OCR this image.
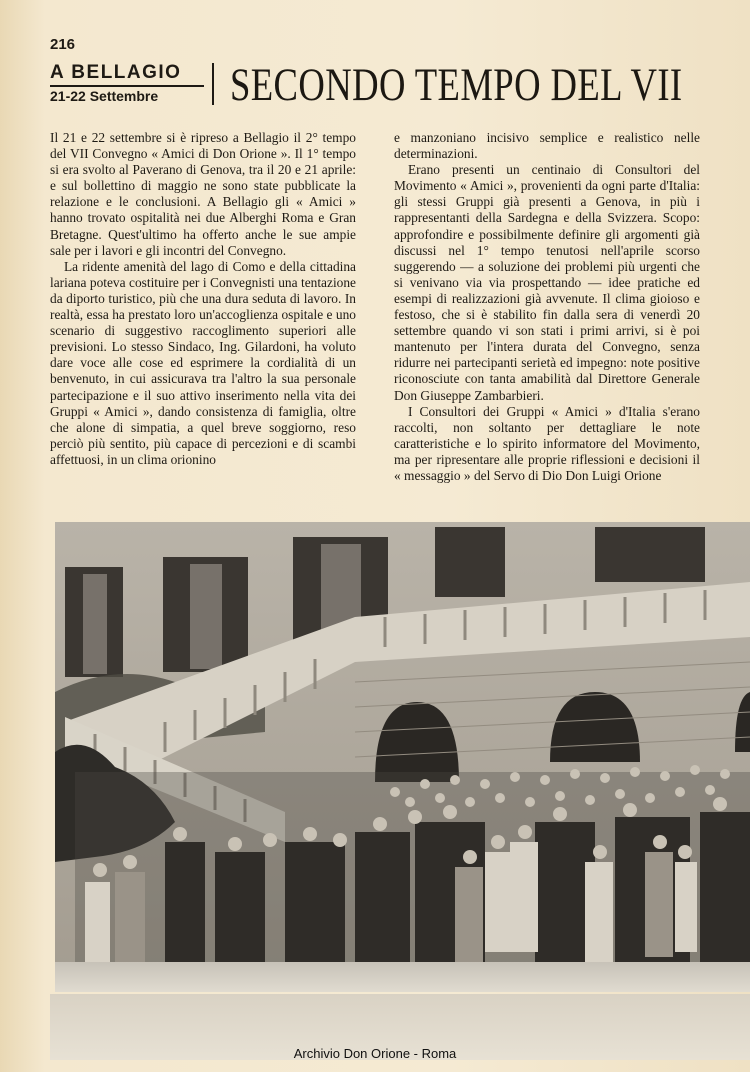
216
A BELLAGIO
21-22 Settembre	SECONDO TEMPO DEL VII

Il 21 e 22 settembre si è ripreso a Bellagio il 2° tempo del VII Convegno « Amici di Don Orione ». Il 1° tempo si era svolto al Paverano di Genova, tra il 20 e 21 aprile: e sul bollettino di maggio ne sono state pubblicate la relazione e le conclusioni. A Bellagio gli « Amici » hanno trovato ospitalità nei due Alberghi Roma e Gran Bretagne. Quest'ultimo ha offerto anche le sue ampie sale per i lavori e gli incontri del Convegno.

La ridente amenità del lago di Como e della cittadina lariana poteva costituire per i Convegnisti una tentazione da diporto turistico, più che una dura seduta di lavoro. In realtà, essa ha prestato loro un'accoglienza ospitale e uno scenario di suggestivo raccoglimento superiori alle previsioni. Lo stesso Sindaco, Ing. Gilardoni, ha voluto dare voce alle cose ed esprimere la cordialità di un benvenuto, in cui assicurava tra l'altro la sua personale partecipazione e il suo attivo inserimento nella vita dei Gruppi « Amici », dando consistenza di famiglia, oltre che alone di simpatia, a quel breve soggiorno, reso perciò più sentito, più capace di percezioni e di scambi affettuosi, in un clima orionino

e manzoniano incisivo semplice e realistico nelle determinazioni.

Erano presenti un centinaio di Consultori del Movimento « Amici », provenienti da ogni parte d'Italia: gli stessi Gruppi già presenti a Genova, in più i rappresentanti della Sardegna e della Svizzera. Scopo: approfondire e possibilmente definire gli argomenti già discussi nel 1° tempo tenutosi nell'aprile scorso suggerendo — a soluzione dei problemi più urgenti che si venivano via via prospettando — idee pratiche ed esempi di realizzazioni già avvenute. Il clima gioioso e festoso, che si è stabilito fin dalla sera di venerdì 20 settembre quando vi son stati i primi arrivi, si è poi mantenuto per l'intera durata del Convegno, senza ridurre nei partecipanti serietà ed impegno: note positive riconosciute con tanta amabilità dal Direttore Generale Don Giuseppe Zambarbieri.

I Consultori dei Gruppi « Amici » d'Italia s'erano raccolti, non soltanto per dettagliare le note caratteristiche e lo spirito informatore del Movimento, ma per ripresentare alle proprie riflessioni e decisioni il « messaggio » del Servo di Dio Don Luigi Orione

Archivio Don Orione - Roma
